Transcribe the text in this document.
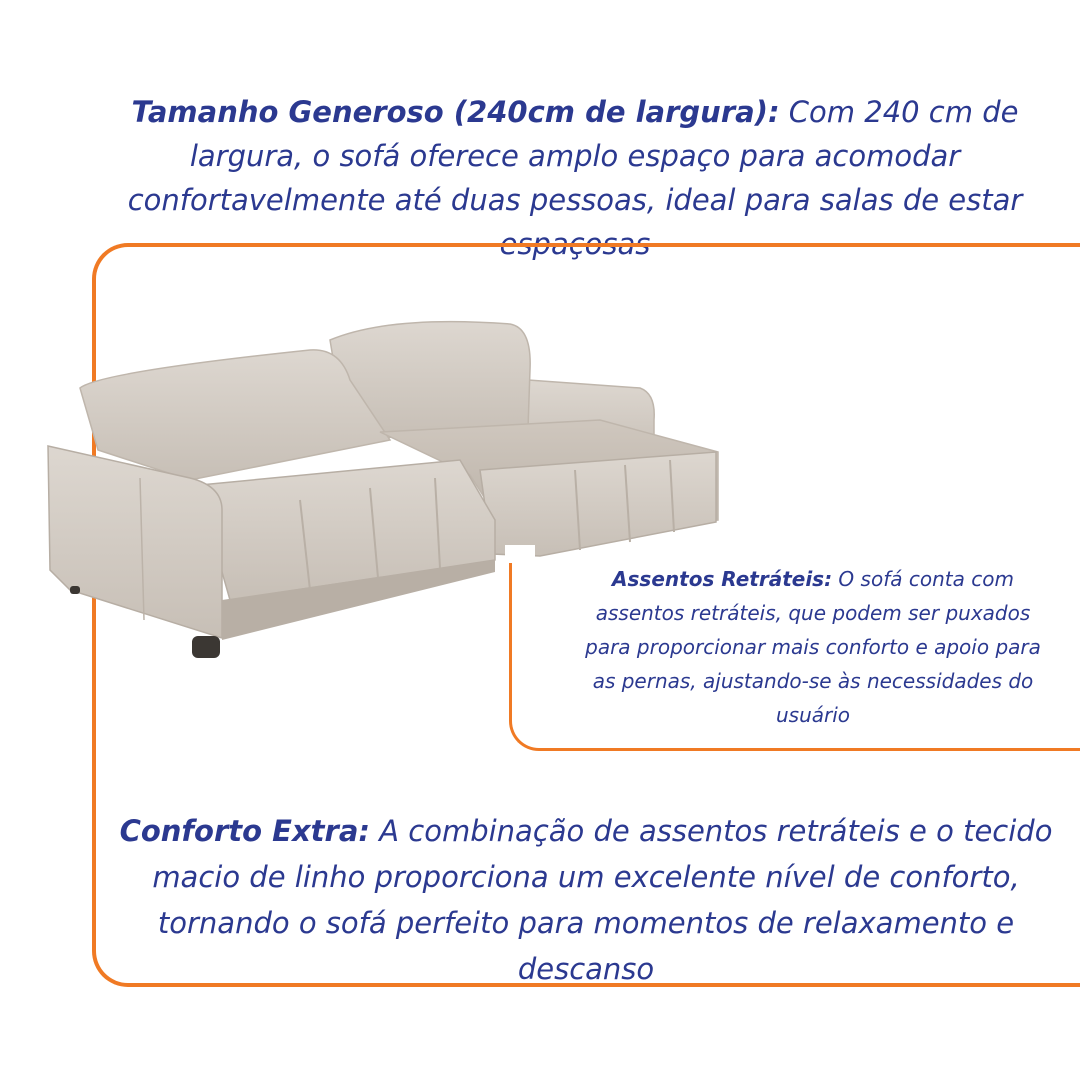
Tamanho Generoso (240cm de largura): Com 240 cm de largura, o sofá oferece amplo espaço para acomodar confortavelmente até duas pessoas, ideal para salas de estar espaçosas
Assentos Retráteis: O sofá conta com assentos retráteis, que podem ser puxados para proporcionar mais conforto e apoio para as pernas, ajustando-se às necessidades do usuário
Conforto Extra: A combinação de assentos retráteis e o tecido macio de linho proporciona um excelente nível de conforto, tornando o sofá perfeito para momentos de relaxamento e descanso
